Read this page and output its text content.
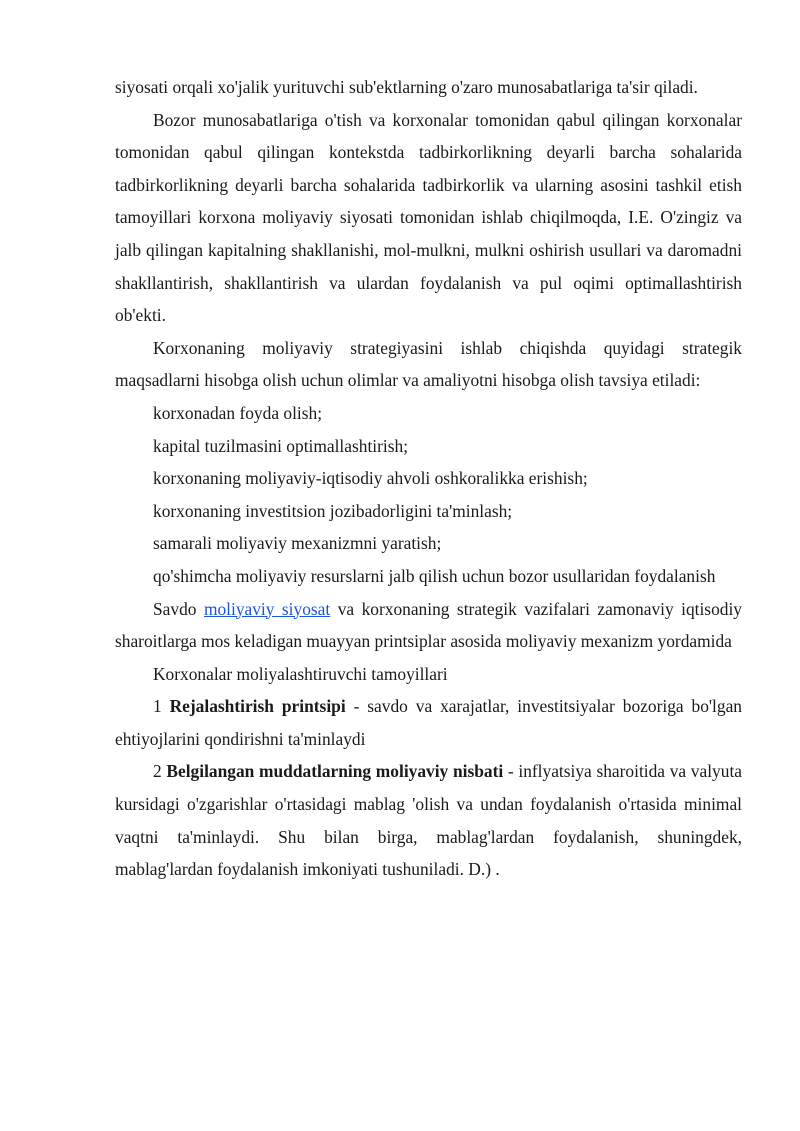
siyosati orqali xo'jalik yurituvchi sub'ektlarning o'zaro munosabatlariga ta'sir qiladi.

Bozor munosabatlariga o'tish va korxonalar tomonidan qabul qilingan korxonalar tomonidan qabul qilingan kontekstda tadbirkorlikning deyarli barcha sohalarida tadbirkorlikning deyarli barcha sohalarida tadbirkorlik va ularning asosini tashkil etish tamoyillari korxona moliyaviy siyosati tomonidan ishlab chiqilmoqda, I.E. O'zingiz va jalb qilingan kapitalning shakllanishi, mol-mulkni, mulkni oshirish usullari va daromadni shakllantirish, shakllantirish va ulardan foydalanish va pul oqimi optimallashtirish ob'ekti.

Korxonaning moliyaviy strategiyasini ishlab chiqishda quyidagi strategik maqsadlarni hisobga olish uchun olimlar va amaliyotni hisobga olish tavsiya etiladi:

korxonadan foyda olish;

kapital tuzilmasini optimallashtirish;

korxonaning moliyaviy-iqtisodiy ahvoli oshkoralikka erishish;

korxonaning investitsion jozibadorligini ta'minlash;

samarali moliyaviy mexanizmni yaratish;

qo'shimcha moliyaviy resurslarni jalb qilish uchun bozor usullaridan foydalanish

Savdo moliyaviy siyosat va korxonaning strategik vazifalari zamonaviy iqtisodiy sharoitlarga mos keladigan muayyan printsiplar asosida moliyaviy mexanizm yordamida

Korxonalar moliyalashtiruvchi tamoyillari

1 Rejalashtirish printsipi - savdo va xarajatlar, investitsiyalar bozoriga bo'lgan ehtiyojlarini qondirishni ta'minlaydi

2 Belgilangan muddatlarning moliyaviy nisbati - inflyatsiya sharoitida va valyuta kursidagi o'zgarishlar o'rtasidagi mablag 'olish va undan foydalanish o'rtasida minimal vaqtni ta'minlaydi. Shu bilan birga, mablag'lardan foydalanish, shuningdek, mablag'lardan foydalanish imkoniyati tushuniladi. D.) .
